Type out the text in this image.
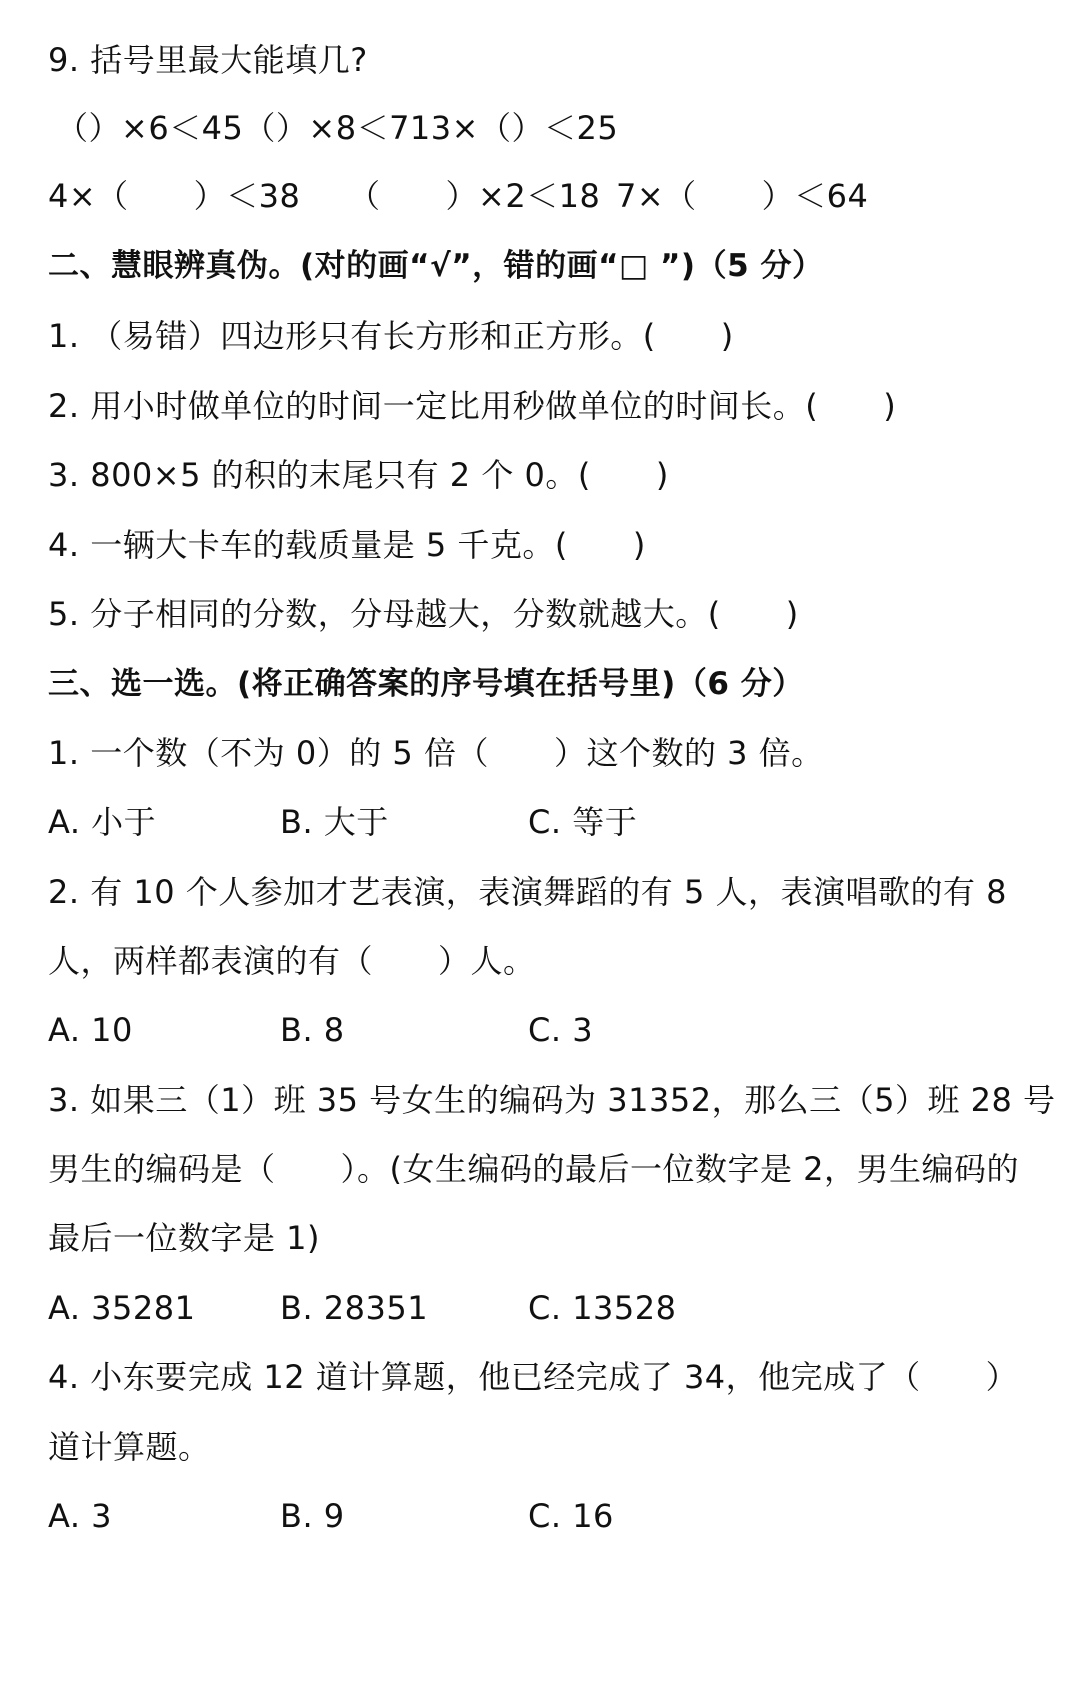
9. 括号里最大能填几?
（）×6＜45（）×8＜713×（）＜25
4×（　　）＜38 （　　）×2＜18 7×（　　）＜64
二、慧眼辨真伪。(对的画“√”，错的画“□ ”)（5 分）
1. （易错）四边形只有长方形和正方形。(　　)
2. 用小时做单位的时间一定比用秒做单位的时间长。(　　)
3. 800×5 的积的末尾只有 2 个 0。(　　)
4. 一辆大卡车的载质量是 5 千克。(　　)
5. 分子相同的分数，分母越大，分数就越大。(　　)
三、选一选。(将正确答案的序号填在括号里)（6 分）
1. 一个数（不为 0）的 5 倍（　　）这个数的 3 倍。
A. 小于	B. 大于	C. 等于
2. 有 10 个人参加才艺表演，表演舞蹈的有 5 人，表演唱歌的有 8
人，两样都表演的有（　　）人。
A. 10	B. 8	C. 3
3. 如果三（1）班 35 号女生的编码为 31352，那么三（5）班 28 号
男生的编码是（　　）。(女生编码的最后一位数字是 2，男生编码的
最后一位数字是 1)
A. 35281	B. 28351	C. 13528
4. 小东要完成 12 道计算题，他已经完成了 34，他完成了（　　）
道计算题。
A. 3	B. 9	C. 16
